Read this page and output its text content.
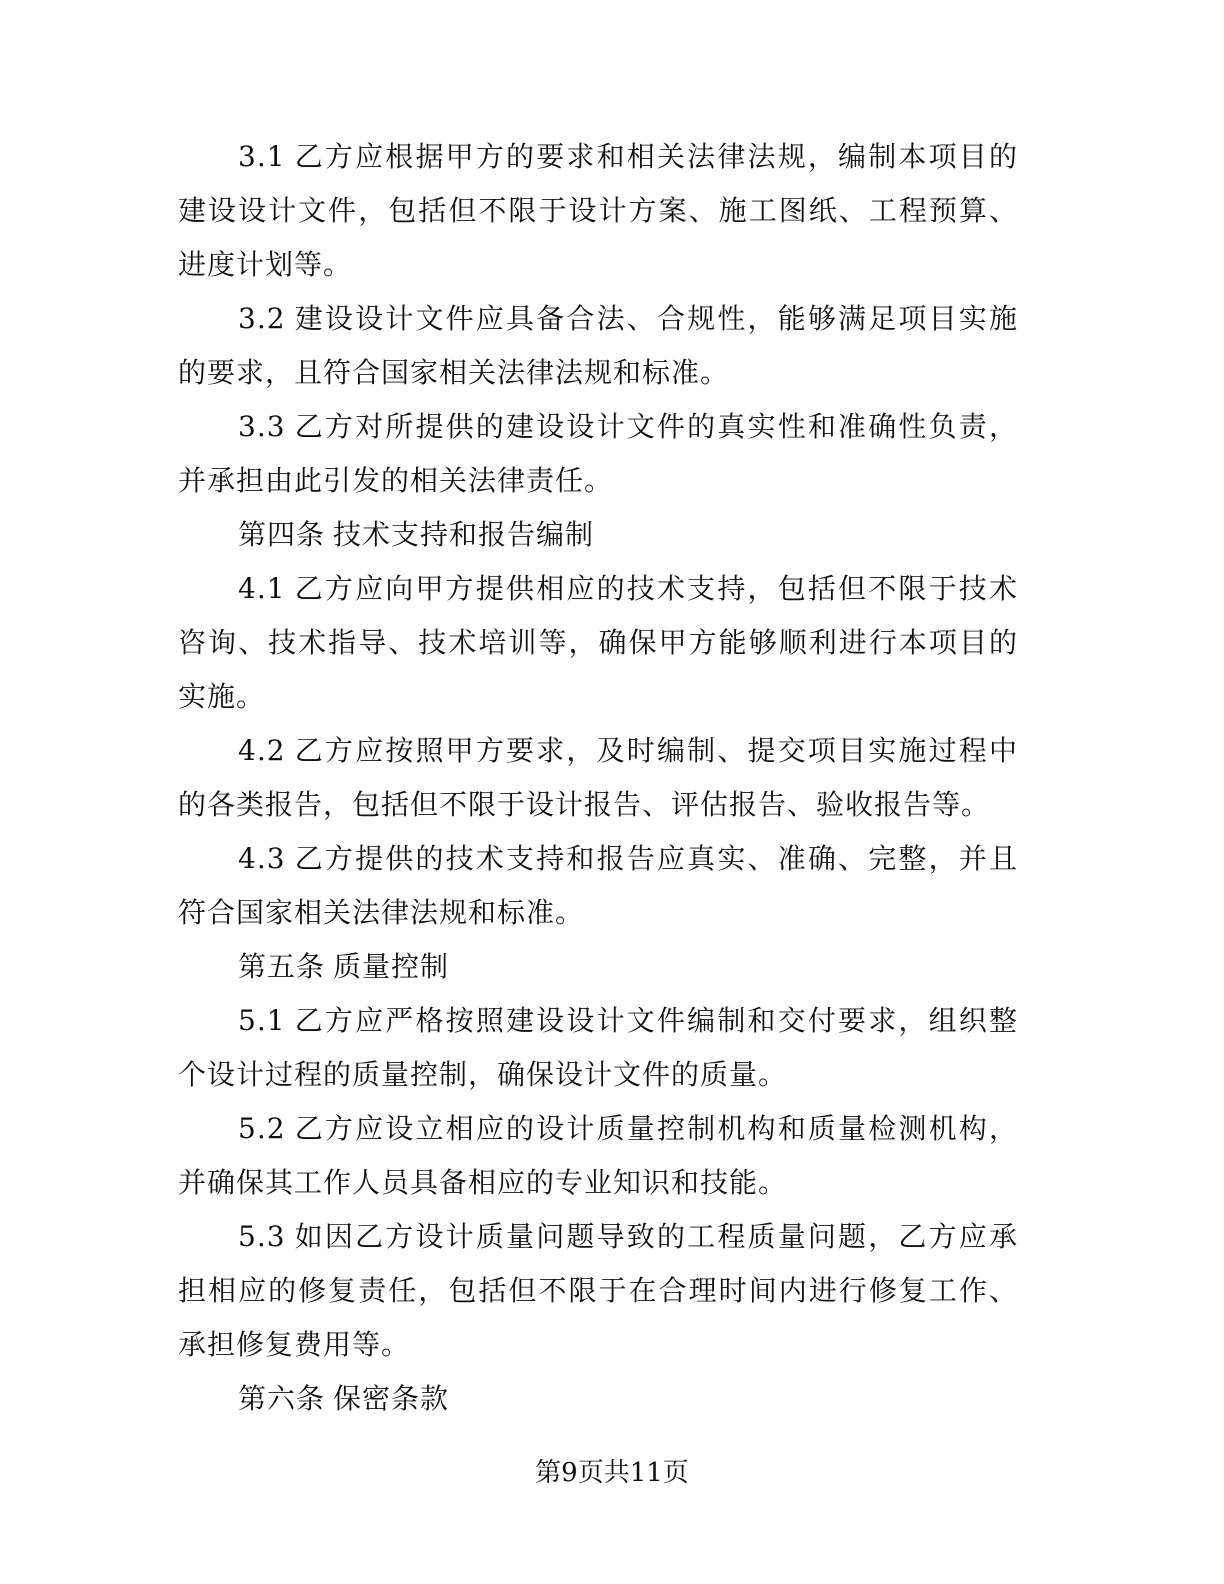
3.1 乙方应根据甲方的要求和相关法律法规，编制本项目的建设设计文件，包括但不限于设计方案、施工图纸、工程预算、进度计划等。

3.2 建设设计文件应具备合法、合规性，能够满足项目实施的要求，且符合国家相关法律法规和标准。

3.3 乙方对所提供的建设设计文件的真实性和准确性负责，并承担由此引发的相关法律责任。

第四条 技术支持和报告编制

4.1 乙方应向甲方提供相应的技术支持，包括但不限于技术咨询、技术指导、技术培训等，确保甲方能够顺利进行本项目的实施。

4.2 乙方应按照甲方要求，及时编制、提交项目实施过程中的各类报告，包括但不限于设计报告、评估报告、验收报告等。

4.3 乙方提供的技术支持和报告应真实、准确、完整，并且符合国家相关法律法规和标准。

第五条 质量控制

5.1 乙方应严格按照建设设计文件编制和交付要求，组织整个设计过程的质量控制，确保设计文件的质量。

5.2 乙方应设立相应的设计质量控制机构和质量检测机构，并确保其工作人员具备相应的专业知识和技能。

5.3 如因乙方设计质量问题导致的工程质量问题，乙方应承担相应的修复责任，包括但不限于在合理时间内进行修复工作、承担修复费用等。

第六条 保密条款

第9页共11页
